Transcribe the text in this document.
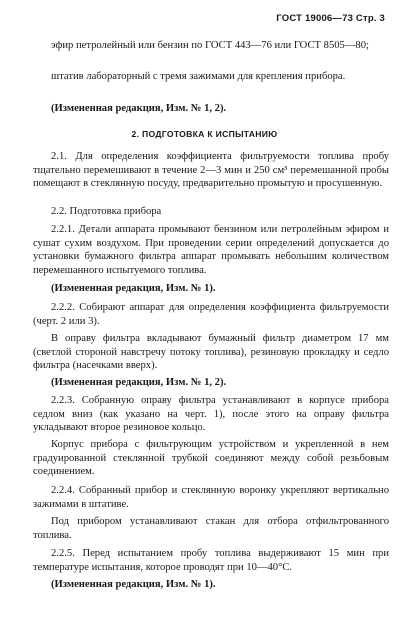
ГОСТ 19006—73 Стр. 3

эфир петролейный или бензин по ГОСТ 443—76 или ГОСТ 8505—80;

штатив лабораторный с тремя зажимами для крепления прибора.

(Измененная редакция, Изм. № 1, 2).

2. ПОДГОТОВКА К ИСПЫТАНИЮ

2.1. Для определения коэффициента фильтруемости топлива пробу тщательно перемешивают в течение 2—3 мин и 250 см³ перемешанной пробы помещают в стеклянную посуду, предварительно промытую и просушенную.

2.2. Подготовка прибора

2.2.1. Детали аппарата промывают бензином или петролейным эфиром и сушат сухим воздухом. При проведении серии определений допускается до установки бумажного фильтра аппарат промывать небольшим количеством перемешанного испытуемого топлива.

(Измененная редакция, Изм. № 1).

2.2.2. Собирают аппарат для определения коэффициента фильтруемости (черт. 2 или 3).

В оправу фильтра вкладывают бумажный фильтр диаметром 17 мм (светлой стороной навстречу потоку топлива), резиновую прокладку и седло фильтра (насечками вверх).

(Измененная редакция, Изм. № 1, 2).

2.2.3. Собранную оправу фильтра устанавливают в корпусе прибора седлом вниз (как указано на черт. 1), после этого на оправу фильтра укладывают второе резиновое кольцо.

Корпус прибора с фильтрующим устройством и укрепленной в нем градуированной стеклянной трубкой соединяют между собой резьбовым соединением.

2.2.4. Собранный прибор и стеклянную воронку укрепляют вертикально зажимами в штативе.

Под прибором устанавливают стакан для отбора отфильтрованного топлива.

2.2.5. Перед испытанием пробу топлива выдерживают 15 мин при температуре испытания, которое проводят при 10—40°С.

(Измененная редакция, Изм. № 1).
